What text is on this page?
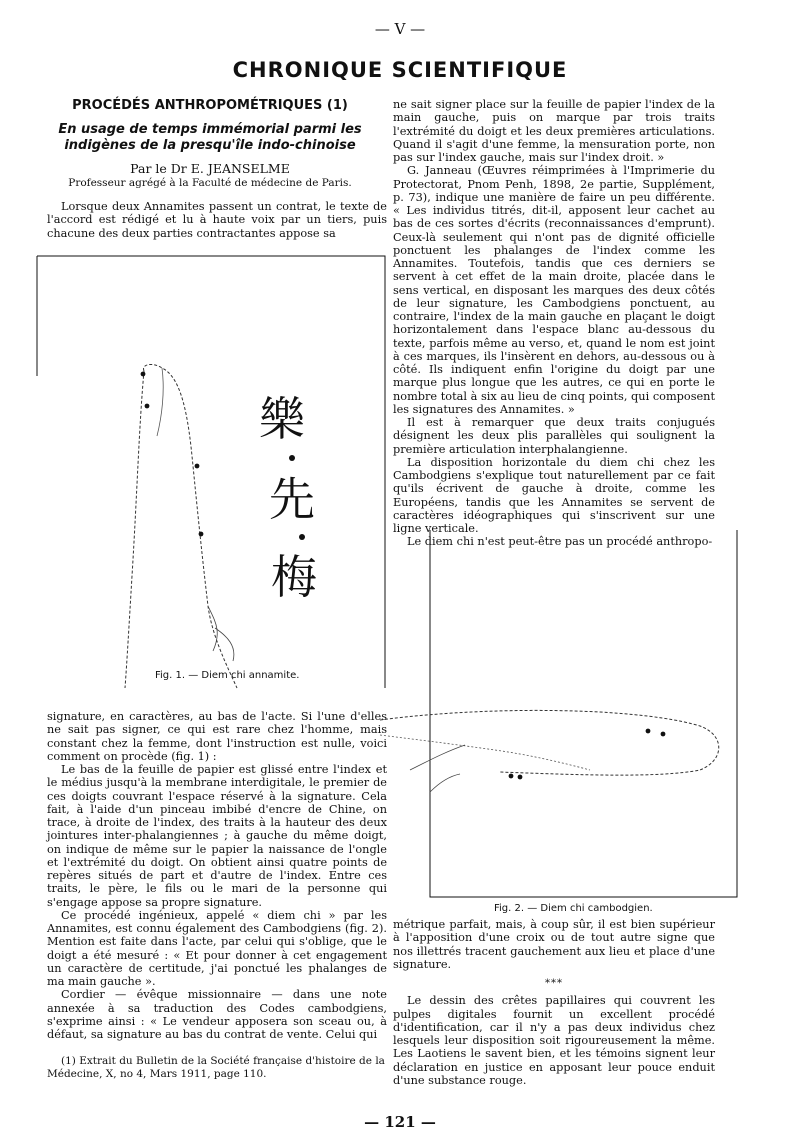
— V —
CHRONIQUE SCIENTIFIQUE
PROCÉDÉS ANTHROPOMÉTRIQUES (1)
En usage de temps immémorial parmi les
indigènes de la presqu'île indo-chinoise
Par le Dr E. JEANSELME
Professeur agrégé à la Faculté de médecine de Paris.

Lorsque deux Annamites passent un contrat, le texte de l'accord est rédigé et lu à haute voix par un tiers, puis chacune des deux parties contractantes appose sa

樂
先
梅
Fig. 1. — Diem chi annamite.

signature, en caractères, au bas de l'acte. Si l'une d'elles ne sait pas signer, ce qui est rare chez l'homme, mais constant chez la femme, dont l'instruction est nulle, voici comment on procède (fig. 1) :

Le bas de la feuille de papier est glissé entre l'index et le médius jusqu'à la membrane interdigitale, le premier de ces doigts couvrant l'espace réservé à la signature. Cela fait, à l'aide d'un pinceau imbibé d'encre de Chine, on trace, à droite de l'index, des traits à la hauteur des deux jointures inter-phalangiennes ; à gauche du même doigt, on indique de même sur le papier la naissance de l'ongle et l'extrémité du doigt. On obtient ainsi quatre points de repères situés de part et d'autre de l'index. Entre ces traits, le père, le fils ou le mari de la personne qui s'engage appose sa propre signature.

Ce procédé ingénieux, appelé « diem chi » par les Annamites, est connu également des Cambodgiens (fig. 2). Mention est faite dans l'acte, par celui qui s'oblige, que le doigt a été mesuré : « Et pour donner à cet engagement un caractère de certitude, j'ai ponctué les phalanges de ma main gauche ».

Cordier — évêque missionnaire — dans une note annexée à sa traduction des Codes cambodgiens, s'exprime ainsi : « Le vendeur apposera son sceau ou, à défaut, sa signature au bas du contrat de vente. Celui qui

(1) Extrait du Bulletin de la Société française d'histoire de la Médecine, X, no 4, Mars 1911, page 110.

ne sait signer place sur la feuille de papier l'index de la main gauche, puis on marque par trois traits l'extrémité du doigt et les deux premières articulations. Quand il s'agit d'une femme, la mensuration porte, non pas sur l'index gauche, mais sur l'index droit. »

G. Janneau (Œuvres réimprimées à l'Imprimerie du Protectorat, Pnom Penh, 1898, 2e partie, Supplément, p. 73), indique une manière de faire un peu différente. « Les individus titrés, dit-il, apposent leur cachet au bas de ces sortes d'écrits (reconnaissances d'emprunt). Ceux-là seulement qui n'ont pas de dignité officielle ponctuent les phalanges de l'index comme les Annamites. Toutefois, tandis que ces derniers se servent à cet effet de la main droite, placée dans le sens vertical, en disposant les marques des deux côtés de leur signature, les Cambodgiens ponctuent, au contraire, l'index de la main gauche en plaçant le doigt horizontalement dans l'espace blanc au-dessous du texte, parfois même au verso, et, quand le nom est joint à ces marques, ils l'insèrent en dehors, au-dessous ou à côté. Ils indiquent enfin l'origine du doigt par une marque plus longue que les autres, ce qui en porte le nombre total à six au lieu de cinq points, qui composent les signatures des Annamites. »

Il est à remarquer que deux traits conjugués désignent les deux plis parallèles qui soulignent la première articulation interphalangienne.

La disposition horizontale du diem chi chez les Cambodgiens s'explique tout naturellement par ce fait qu'ils écrivent de gauche à droite, comme les Européens, tandis que les Annamites se servent de caractères idéographiques qui s'inscrivent sur une ligne verticale.

Le diem chi n'est peut-être pas un procédé anthropo-

Fig. 2. — Diem chi cambodgien.

métrique parfait, mais, à coup sûr, il est bien supérieur à l'apposition d'une croix ou de tout autre signe que nos illettrés tracent gauchement aux lieu et place d'une signature.

***

Le dessin des crêtes papillaires qui couvrent les pulpes digitales fournit un excellent procédé d'identification, car il n'y a pas deux individus chez lesquels leur disposition soit rigoureusement la même. Les Laotiens le savent bien, et les témoins signent leur déclaration en justice en apposant leur pouce enduit d'une substance rouge.

— 121 —
